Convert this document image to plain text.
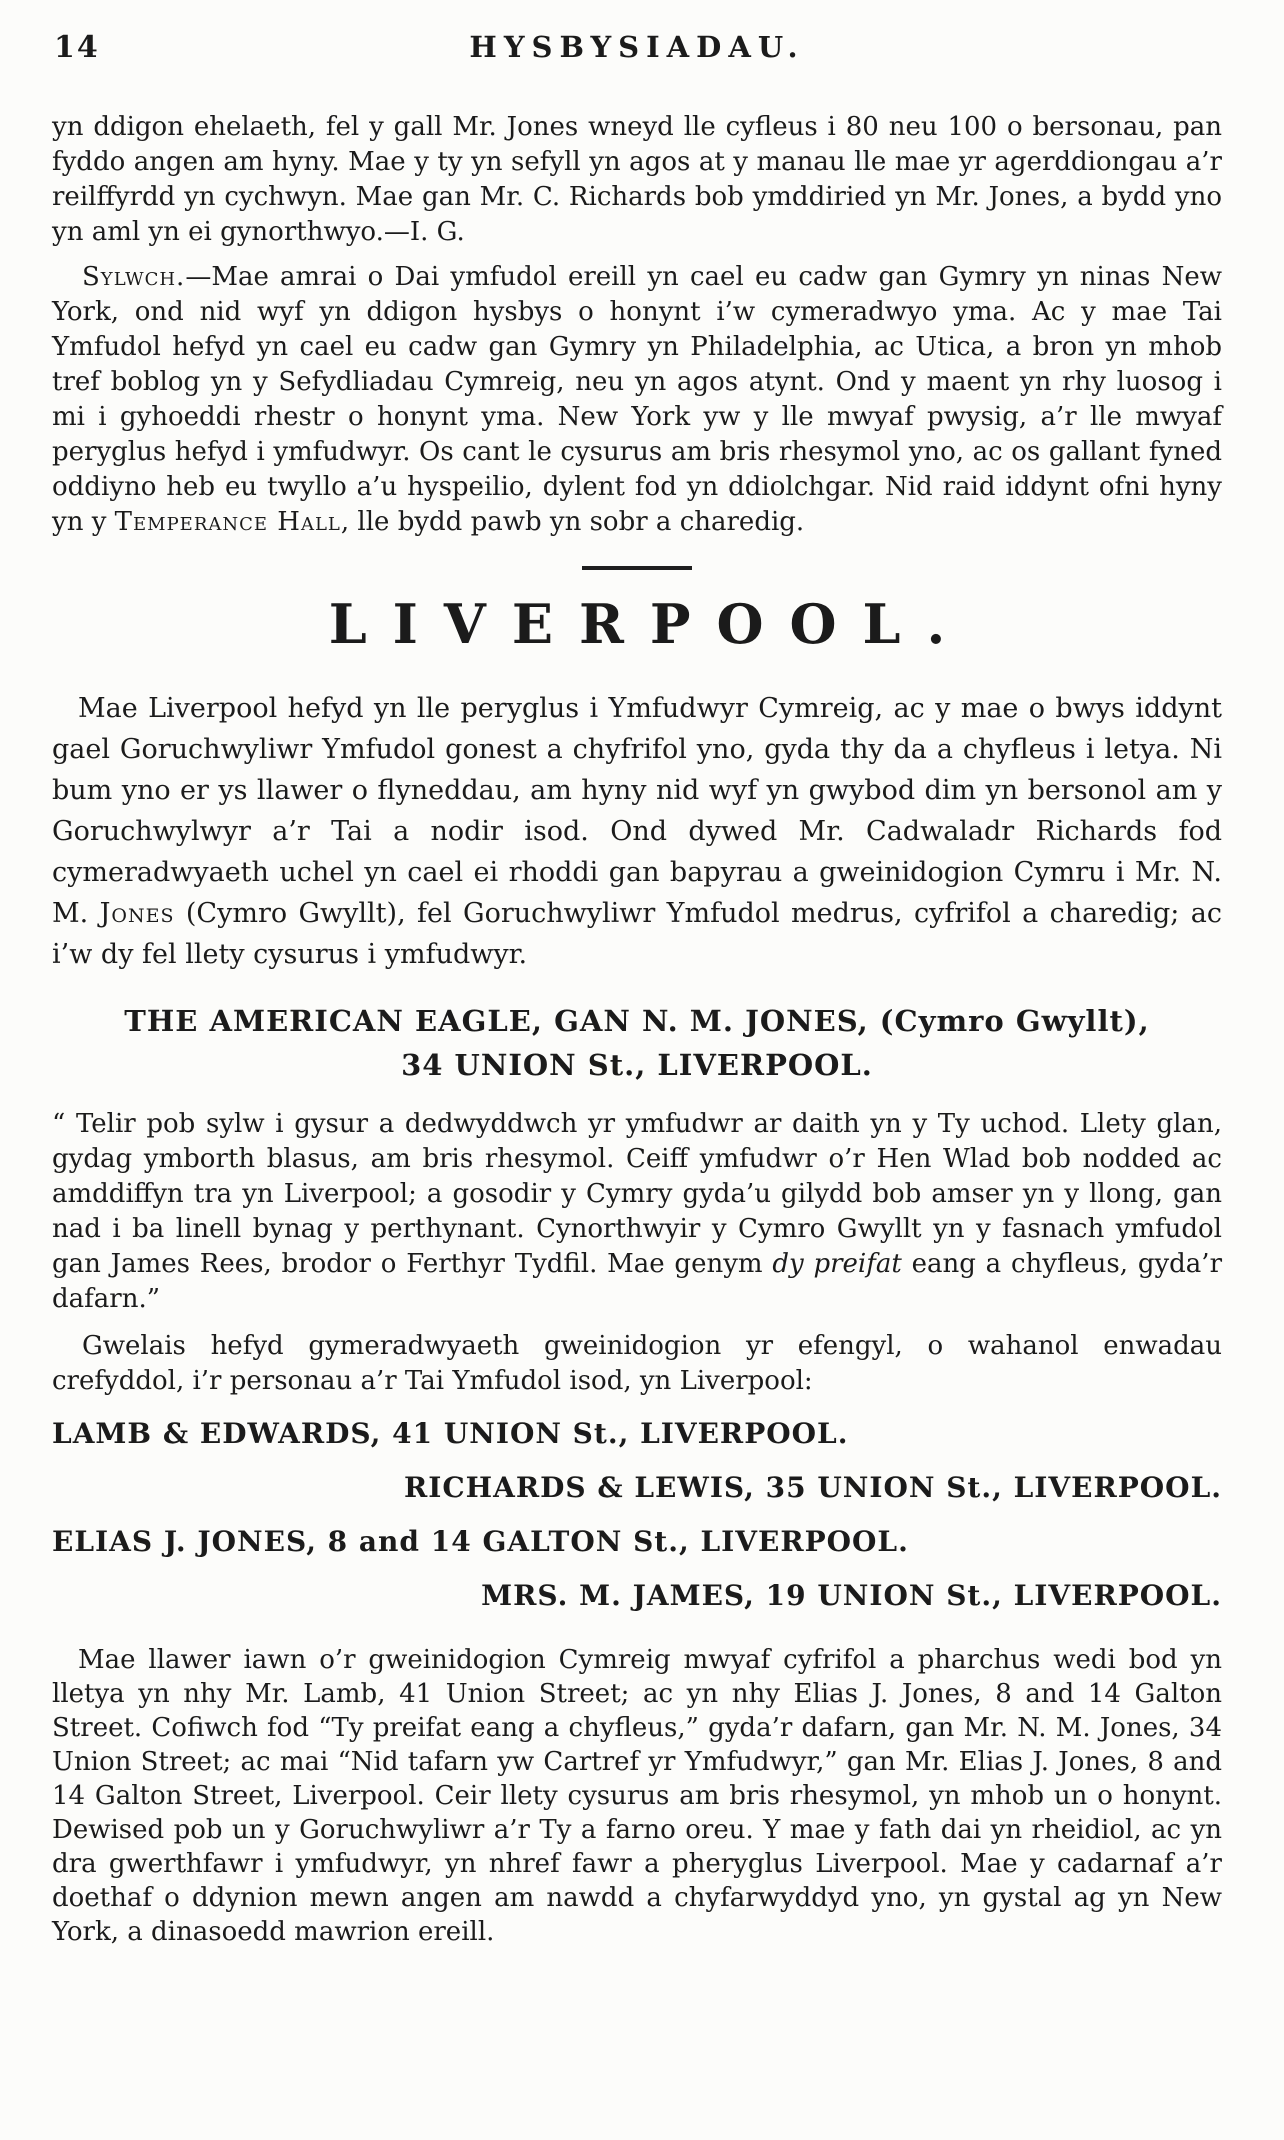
14	HYSBYSIADAU.

yn ddigon ehelaeth, fel y gall Mr. Jones wneyd lle cyfleus i 80 neu 100 o bersonau, pan fyddo angen am hyny. Mae y ty yn sefyll yn agos at y manau lle mae yr agerddiongau a’r reilffyrdd yn cychwyn. Mae gan Mr. C. Richards bob ymddiried yn Mr. Jones, a bydd yno yn aml yn ei gynorthwyo.—I. G.

Sylwch.—Mae amrai o Dai ymfudol ereill yn cael eu cadw gan Gymry yn ninas New York, ond nid wyf yn ddigon hysbys o honynt i’w cymeradwyo yma. Ac y mae Tai Ymfudol hefyd yn cael eu cadw gan Gymry yn Philadelphia, ac Utica, a bron yn mhob tref boblog yn y Sefydliadau Cymreig, neu yn agos atynt. Ond y maent yn rhy luosog i mi i gyhoeddi rhestr o honynt yma. New York yw y lle mwyaf pwysig, a’r lle mwyaf peryglus hefyd i ymfudwyr. Os cant le cysurus am bris rhesymol yno, ac os gallant fyned oddiyno heb eu twyllo a’u hyspeilio, dylent fod yn ddiolchgar. Nid raid iddynt ofni hyny yn y Temperance Hall, lle bydd pawb yn sobr a charedig.

LIVERPOOL.

Mae Liverpool hefyd yn lle peryglus i Ymfudwyr Cymreig, ac y mae o bwys iddynt gael Goruchwyliwr Ymfudol gonest a chyfrifol yno, gyda thy da a chyfleus i letya. Ni bum yno er ys llawer o flyneddau, am hyny nid wyf yn gwybod dim yn bersonol am y Goruchwylwyr a’r Tai a nodir isod. Ond dywed Mr. Cadwaladr Richards fod cymeradwyaeth uchel yn cael ei rhoddi gan bapyrau a gweinidogion Cymru i Mr. N. M. Jones (Cymro Gwyllt), fel Goruchwyliwr Ymfudol medrus, cyfrifol a charedig; ac i’w dy fel llety cysurus i ymfudwyr.

THE AMERICAN EAGLE, GAN N. M. JONES, (Cymro Gwyllt),
34 UNION St., LIVERPOOL.

“ Telir pob sylw i gysur a dedwyddwch yr ymfudwr ar daith yn y Ty uchod. Llety glan, gydag ymborth blasus, am bris rhesymol. Ceiff ymfudwr o’r Hen Wlad bob nodded ac amddiffyn tra yn Liverpool; a gosodir y Cymry gyda’u gilydd bob amser yn y llong, gan nad i ba linell bynag y perthynant. Cynorthwyir y Cymro Gwyllt yn y fasnach ymfudol gan James Rees, brodor o Ferthyr Tydfil. Mae genym dy preifat eang a chyfleus, gyda’r dafarn.”

Gwelais hefyd gymeradwyaeth gweinidogion yr efengyl, o wahanol enwadau crefyddol, i’r personau a’r Tai Ymfudol isod, yn Liverpool:

LAMB & EDWARDS, 41 UNION St., LIVERPOOL.
RICHARDS & LEWIS, 35 UNION St., LIVERPOOL.
ELIAS J. JONES, 8 and 14 GALTON St., LIVERPOOL.
MRS. M. JAMES, 19 UNION St., LIVERPOOL.

Mae llawer iawn o’r gweinidogion Cymreig mwyaf cyfrifol a pharchus wedi bod yn lletya yn nhy Mr. Lamb, 41 Union Street; ac yn nhy Elias J. Jones, 8 and 14 Galton Street. Cofiwch fod “Ty preifat eang a chyfleus,” gyda’r dafarn, gan Mr. N. M. Jones, 34 Union Street; ac mai “Nid tafarn yw Cartref yr Ymfudwyr,” gan Mr. Elias J. Jones, 8 and 14 Galton Street, Liverpool. Ceir llety cysurus am bris rhesymol, yn mhob un o honynt. Dewised pob un y Goruchwyliwr a’r Ty a farno oreu. Y mae y fath dai yn rheidiol, ac yn dra gwerthfawr i ymfudwyr, yn nhref fawr a pheryglus Liverpool. Mae y cadarnaf a’r doethaf o ddynion mewn angen am nawdd a chyfarwyddyd yno, yn gystal ag yn New York, a dinasoedd mawrion ereill.
